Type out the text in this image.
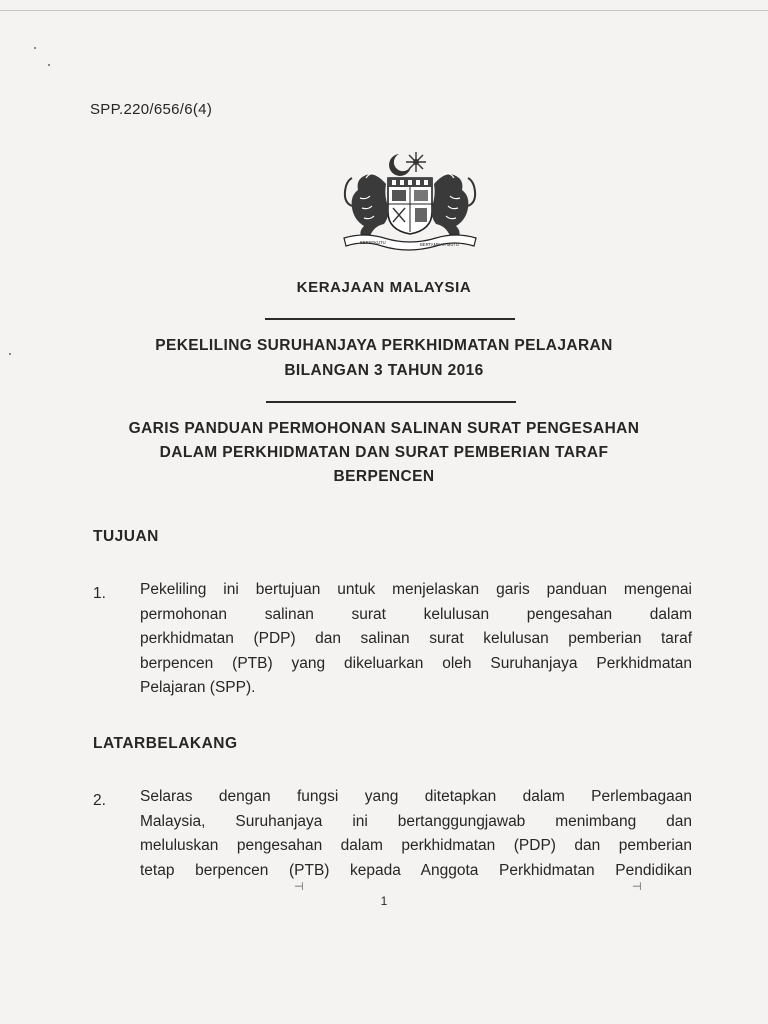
SPP.220/656/6(4)
BERSEKUTU	BERTAMBAH MUTU
KERAJAAN MALAYSIA
PEKELILING SURUHANJAYA PERKHIDMATAN PELAJARAN
BILANGAN 3 TAHUN 2016
GARIS PANDUAN PERMOHONAN SALINAN SURAT PENGESAHAN
DALAM PERKHIDMATAN DAN SURAT PEMBERIAN TARAF
BERPENCEN
TUJUAN
1. Pekeliling ini bertujuan untuk menjelaskan garis panduan mengenai
permohonan salinan surat kelulusan pengesahan dalam
perkhidmatan (PDP) dan salinan surat kelulusan pemberian taraf
berpencen (PTB) yang dikeluarkan oleh Suruhanjaya Perkhidmatan
Pelajaran (SPP).
LATARBELAKANG
2. Selaras dengan fungsi yang ditetapkan dalam Perlembagaan
Malaysia, Suruhanjaya ini bertanggungjawab menimbang dan
meluluskan pengesahan dalam perkhidmatan (PDP) dan pemberian
tetap berpencen (PTB) kepada Anggota Perkhidmatan Pendidikan
⊣	⊣
1
